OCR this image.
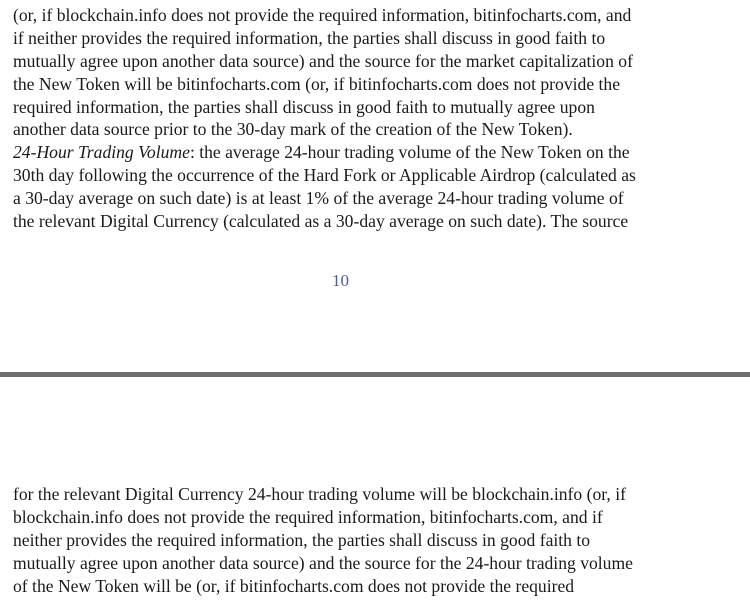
(or, if blockchain.info does not provide the required information, bitinfocharts.com, and
if neither provides the required information, the parties shall discuss in good faith to
mutually agree upon another data source) and the source for the market capitalization of
the New Token will be bitinfocharts.com (or, if bitinfocharts.com does not provide the
required information, the parties shall discuss in good faith to mutually agree upon
another data source prior to the 30-day mark of the creation of the New Token).
24-Hour Trading Volume: the average 24-hour trading volume of the New Token on the
30th day following the occurrence of the Hard Fork or Applicable Airdrop (calculated as
a 30-day average on such date) is at least 1% of the average 24-hour trading volume of
the relevant Digital Currency (calculated as a 30-day average on such date). The source
10
for the relevant Digital Currency 24-hour trading volume will be blockchain.info (or, if
blockchain.info does not provide the required information, bitinfocharts.com, and if
neither provides the required information, the parties shall discuss in good faith to
mutually agree upon another data source) and the source for the 24-hour trading volume
of the New Token will be (or, if bitinfocharts.com does not provide the required
